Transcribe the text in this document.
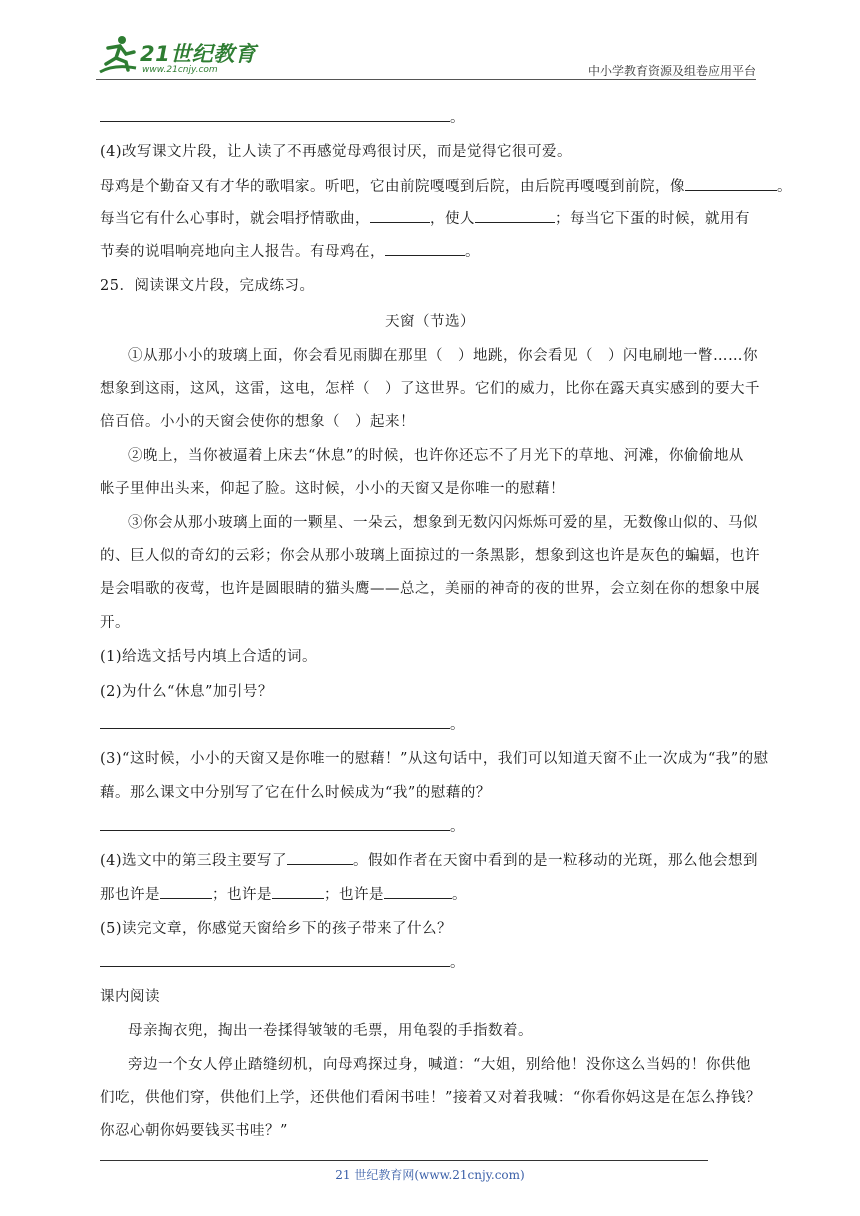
21世纪教育
www.21cnjy.com	中小学教育资源及组卷应用平台
。
(4)改写课文片段，让人读了不再感觉母鸡很讨厌，而是觉得它很可爱。
母鸡是个勤奋又有才华的歌唱家。听吧，它由前院嘎嘎到后院，由后院再嘎嘎到前院，像	。
每当它有什么心事时，就会唱抒情歌曲，	，使人	；每当它下蛋的时候，就用有
节奏的说唱响亮地向主人报告。有母鸡在，	。
25．阅读课文片段，完成练习。
天窗（节选）
①从那小小的玻璃上面，你会看见雨脚在那里（　）地跳，你会看见（　）闪电刷地一瞥……你
想象到这雨，这风，这雷，这电，怎样（　）了这世界。它们的威力，比你在露天真实感到的要大千
倍百倍。小小的天窗会使你的想象（　）起来！
②晚上，当你被逼着上床去“休息”的时候，也许你还忘不了月光下的草地、河滩，你偷偷地从
帐子里伸出头来，仰起了脸。这时候，小小的天窗又是你唯一的慰藉！
③你会从那小玻璃上面的一颗星、一朵云，想象到无数闪闪烁烁可爱的星，无数像山似的、马似
的、巨人似的奇幻的云彩；你会从那小玻璃上面掠过的一条黑影，想象到这也许是灰色的蝙蝠，也许
是会唱歌的夜莺，也许是圆眼睛的猫头鹰——总之，美丽的神奇的夜的世界，会立刻在你的想象中展
开。
(1)给选文括号内填上合适的词。
(2)为什么“休息”加引号？
。
(3)“这时候，小小的天窗又是你唯一的慰藉！”从这句话中，我们可以知道天窗不止一次成为“我”的慰
藉。那么课文中分别写了它在什么时候成为“我”的慰藉的？
。
(4)选文中的第三段主要写了	。假如作者在天窗中看到的是一粒移动的光斑，那么他会想到
那也许是	；也许是	；也许是	。
(5)读完文章，你感觉天窗给乡下的孩子带来了什么？
。
课内阅读
母亲掏衣兜，掏出一卷揉得皱皱的毛票，用龟裂的手指数着。
旁边一个女人停止踏缝纫机，向母鸡探过身，喊道：“大姐，别给他！没你这么当妈的！你供他
们吃，供他们穿，供他们上学，还供他们看闲书哇！”接着又对着我喊：“你看你妈这是在怎么挣钱？
你忍心朝你妈要钱买书哇？”
21 世纪教育网(www.21cnjy.com)
